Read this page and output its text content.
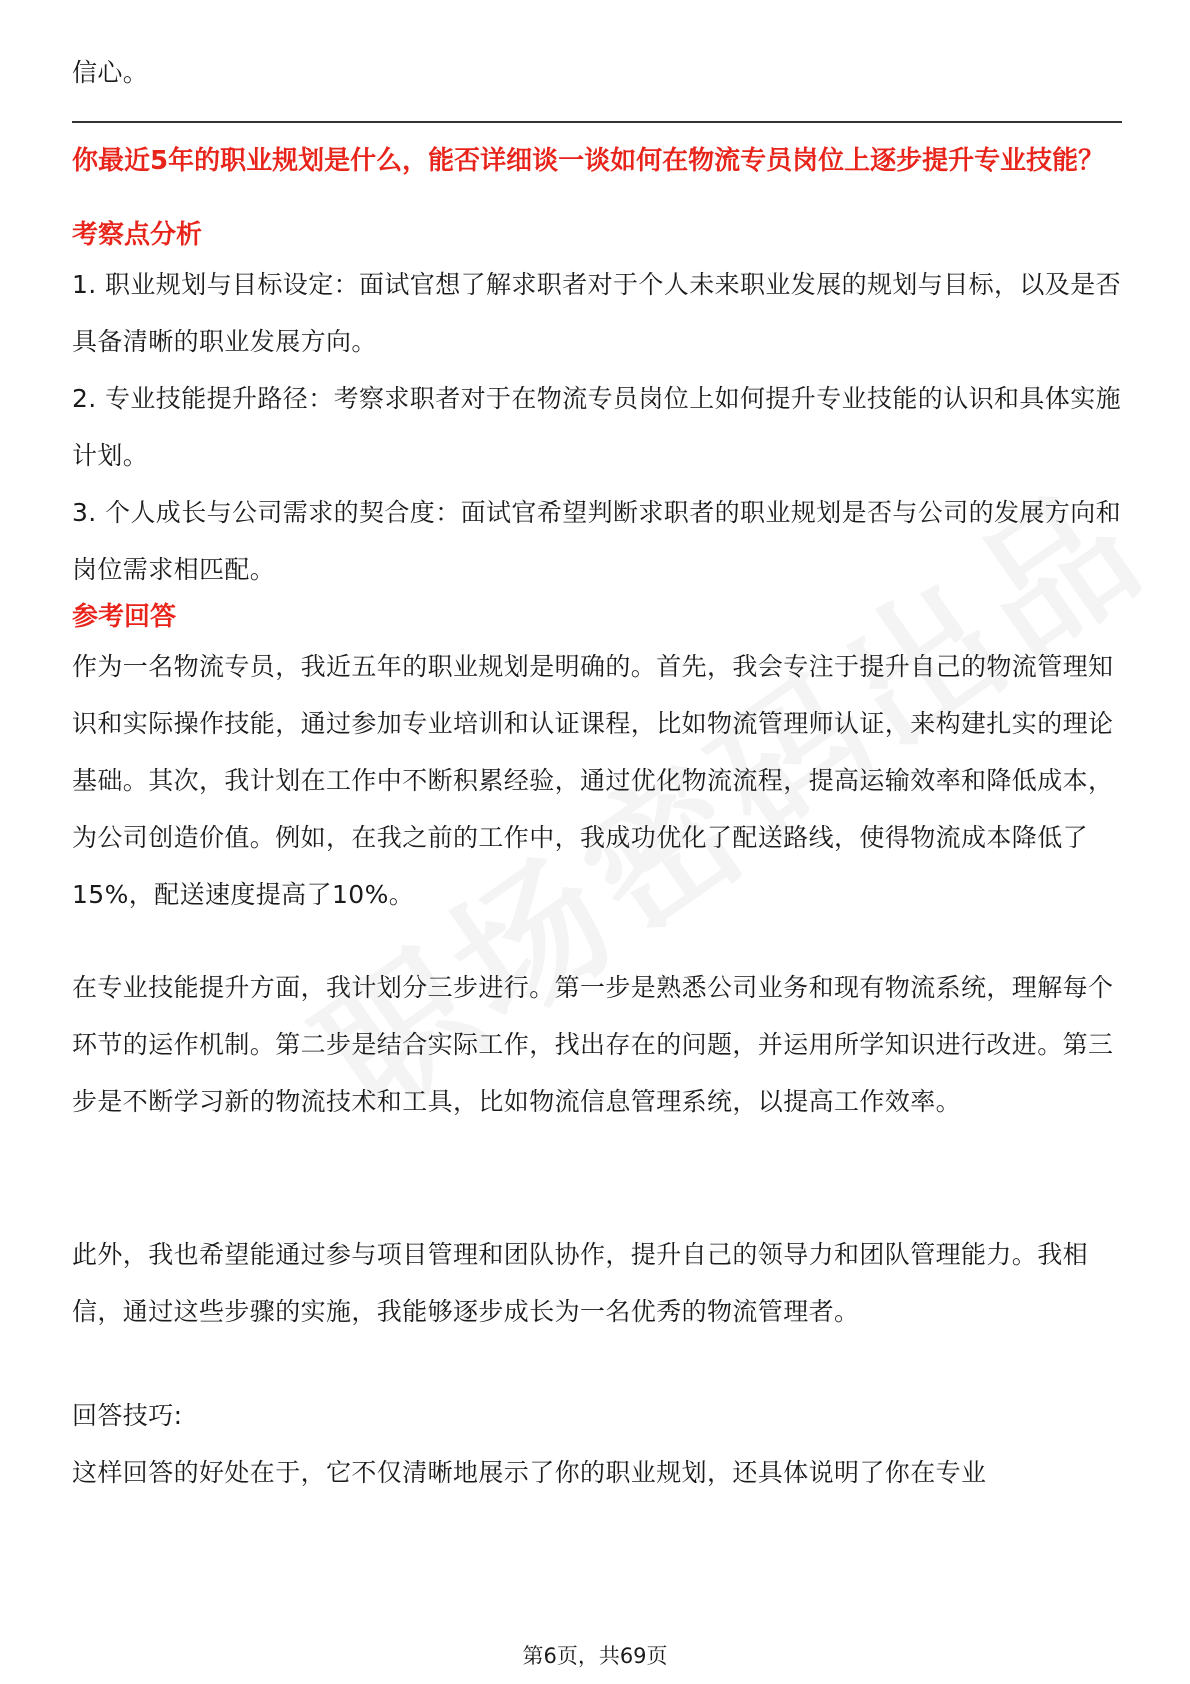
信心。

你最近5年的职业规划是什么，能否详细谈一谈如何在物流专员岗位上逐步提升专业技能？

考察点分析

1. 职业规划与目标设定：面试官想了解求职者对于个人未来职业发展的规划与目标，以及是否具备清晰的职业发展方向。

2. 专业技能提升路径：考察求职者对于在物流专员岗位上如何提升专业技能的认识和具体实施计划。

3. 个人成长与公司需求的契合度：面试官希望判断求职者的职业规划是否与公司的发展方向和岗位需求相匹配。

参考回答

作为一名物流专员，我近五年的职业规划是明确的。首先，我会专注于提升自己的物流管理知识和实际操作技能，通过参加专业培训和认证课程，比如物流管理师认证，来构建扎实的理论基础。其次，我计划在工作中不断积累经验，通过优化物流流程，提高运输效率和降低成本，为公司创造价值。例如，在我之前的工作中，我成功优化了配送路线，使得物流成本降低了15%，配送速度提高了10%。

在专业技能提升方面，我计划分三步进行。第一步是熟悉公司业务和现有物流系统，理解每个环节的运作机制。第二步是结合实际工作，找出存在的问题，并运用所学知识进行改进。第三步是不断学习新的物流技术和工具，比如物流信息管理系统，以提高工作效率。

此外，我也希望能通过参与项目管理和团队协作，提升自己的领导力和团队管理能力。我相信，通过这些步骤的实施，我能够逐步成长为一名优秀的物流管理者。

回答技巧:

这样回答的好处在于，它不仅清晰地展示了你的职业规划，还具体说明了你在专业

第6页，共69页
